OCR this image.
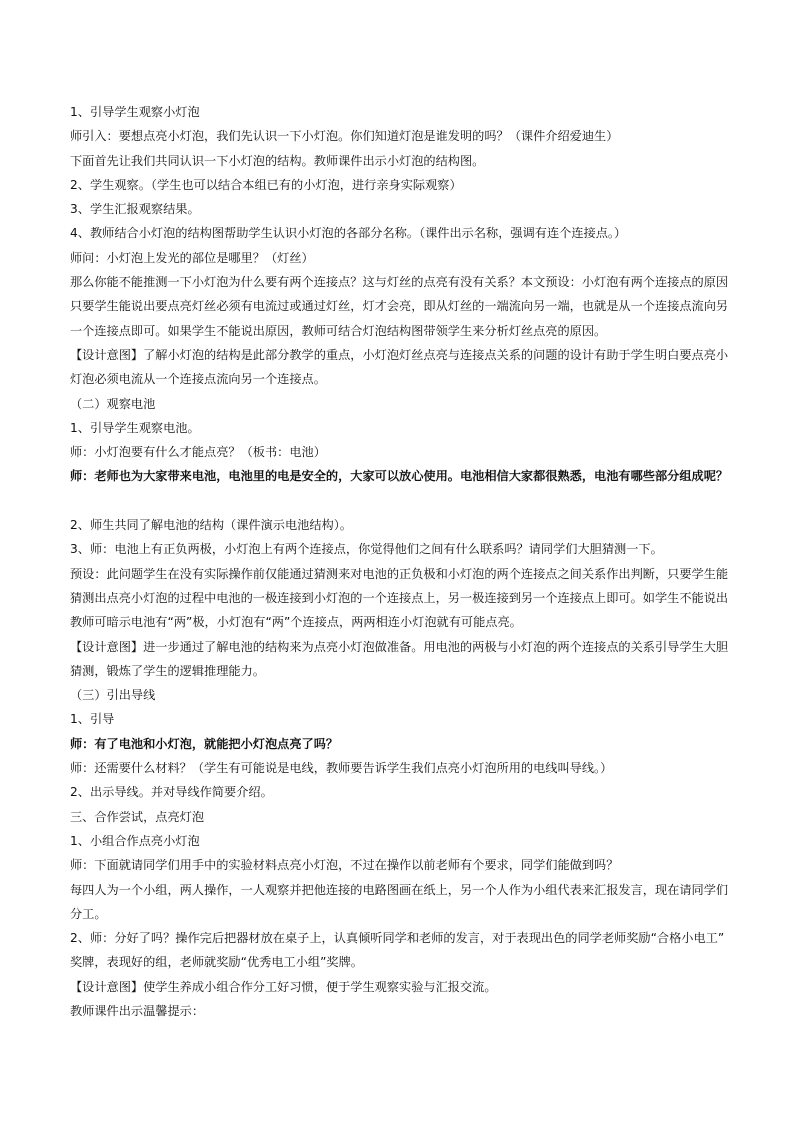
1、引导学生观察小灯泡
师引入：要想点亮小灯泡，我们先认识一下小灯泡。你们知道灯泡是谁发明的吗？（课件介绍爱迪生）
下面首先让我们共同认识一下小灯泡的结构。教师课件出示小灯泡的结构图。
2、学生观察。（学生也可以结合本组已有的小灯泡，进行亲身实际观察）
3、学生汇报观察结果。
4、教师结合小灯泡的结构图帮助学生认识小灯泡的各部分名称。（课件出示名称，强调有连个连接点。）
师问：小灯泡上发光的部位是哪里？（灯丝）
那么你能不能推测一下小灯泡为什么要有两个连接点？这与灯丝的点亮有没有关系？本文预设：小灯泡有两个连接点的原因
只要学生能说出要点亮灯丝必须有电流过或通过灯丝，灯才会亮，即从灯丝的一端流向另一端，也就是从一个连接点流向另
一个连接点即可。如果学生不能说出原因，教师可结合灯泡结构图带领学生来分析灯丝点亮的原因。
【设计意图】了解小灯泡的结构是此部分教学的重点，小灯泡灯丝点亮与连接点关系的问题的设计有助于学生明白要点亮小
灯泡必须电流从一个连接点流向另一个连接点。
（二）观察电池
1、引导学生观察电池。
师：小灯泡要有什么才能点亮？（板书：电池）
师：老师也为大家带来电池，电池里的电是安全的，大家可以放心使用。电池相信大家都很熟悉，电池有哪些部分组成呢？
2、师生共同了解电池的结构（课件演示电池结构）。
3、师：电池上有正负两极，小灯泡上有两个连接点，你觉得他们之间有什么联系吗？请同学们大胆猜测一下。
预设：此问题学生在没有实际操作前仅能通过猜测来对电池的正负极和小灯泡的两个连接点之间关系作出判断，只要学生能
猜测出点亮小灯泡的过程中电池的一极连接到小灯泡的一个连接点上，另一极连接到另一个连接点上即可。如学生不能说出
教师可暗示电池有“两”极，小灯泡有“两”个连接点，两两相连小灯泡就有可能点亮。
【设计意图】进一步通过了解电池的结构来为点亮小灯泡做准备。用电池的两极与小灯泡的两个连接点的关系引导学生大胆
猜测，锻炼了学生的逻辑推理能力。
（三）引出导线
1、引导
师：有了电池和小灯泡，就能把小灯泡点亮了吗？
师：还需要什么材料？（学生有可能说是电线，教师要告诉学生我们点亮小灯泡所用的电线叫导线。）
2、出示导线。并对导线作简要介绍。
三、合作尝试，点亮灯泡
1、小组合作点亮小灯泡
师：下面就请同学们用手中的实验材料点亮小灯泡，不过在操作以前老师有个要求，同学们能做到吗？
每四人为一个小组，两人操作，一人观察并把他连接的电路图画在纸上，另一个人作为小组代表来汇报发言，现在请同学们
分工。
2、师：分好了吗？操作完后把器材放在桌子上，认真倾听同学和老师的发言，对于表现出色的同学老师奖励“合格小电工”
奖牌，表现好的组，老师就奖励“优秀电工小组”奖牌。
【设计意图】使学生养成小组合作分工好习惯，便于学生观察实验与汇报交流。
教师课件出示温馨提示：
